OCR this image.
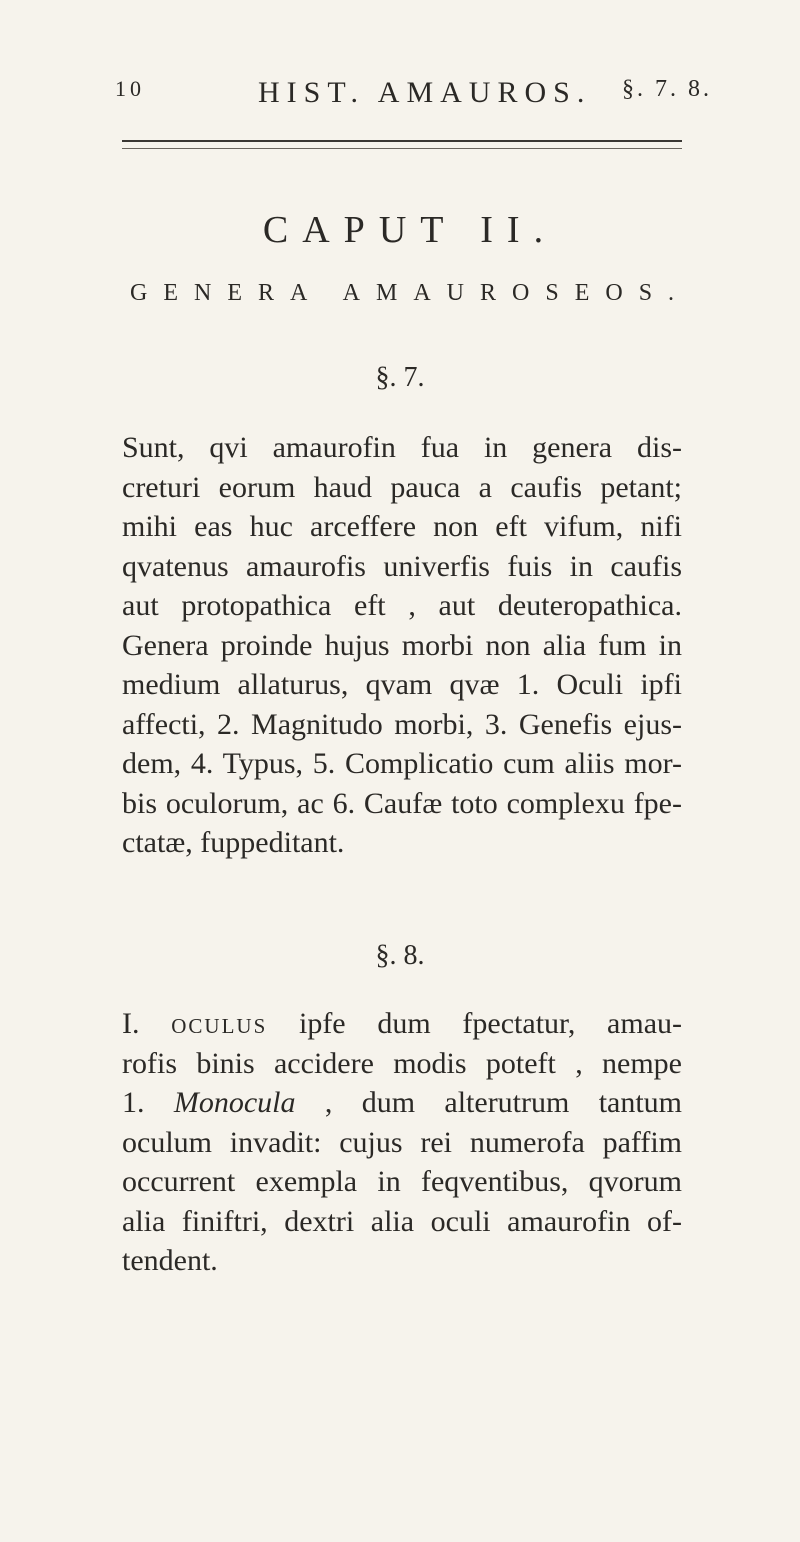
10	HIST. AMAUROS. §. 7. 8.
CAPUT II.
GENERA AMAUROSEOS.
§. 7.

Sunt, qvi amaurofin fua in genera dis-

creturi eorum haud pauca a caufis petant;

mihi eas huc arceffere non eft vifum, nifi

qvatenus amaurofis univerfis fuis in caufis

aut protopathica eft , aut deuteropathica.

Genera proinde hujus morbi non alia fum in

medium allaturus, qvam qvæ 1. Oculi ipfi

affecti, 2. Magnitudo morbi, 3. Genefis ejus-

dem, 4. Typus, 5. Complicatio cum aliis mor-

bis oculorum, ac 6. Caufæ toto complexu fpe-

ctatæ, fuppeditant.

§. 8.

I. oculus ipfe dum fpectatur, amau-

rofis binis accidere modis poteft , nempe

1. Monocula , dum alterutrum tantum

oculum invadit: cujus rei numerofa paffim

occurrent exempla in feqventibus, qvorum

alia finiftri, dextri alia oculi amaurofin of-

tendent.
